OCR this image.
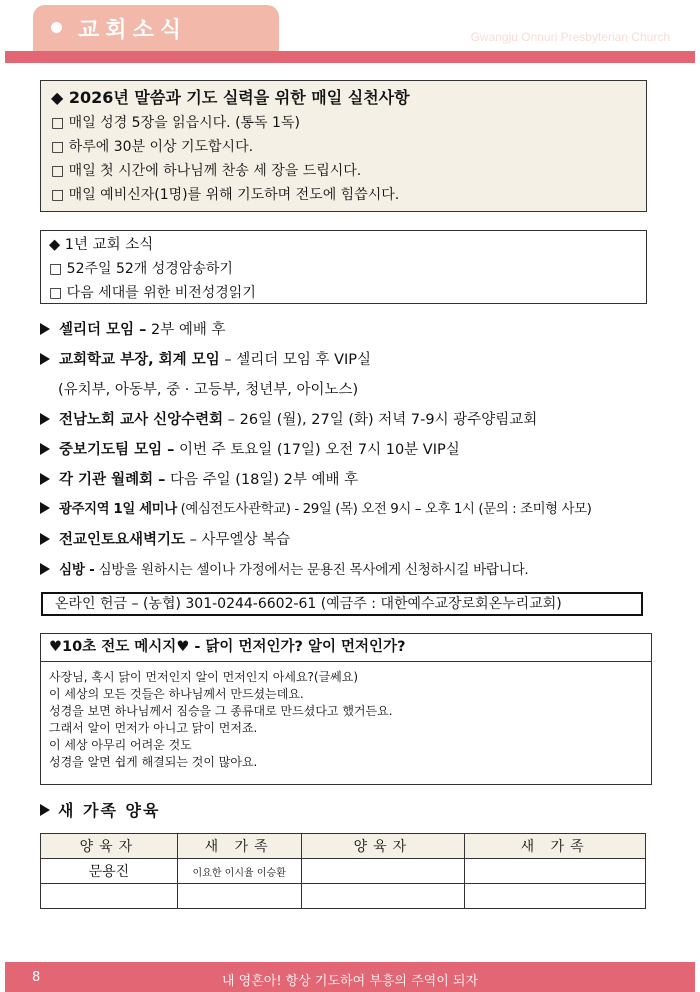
교회소식	Gwangju Onnuri Presbyterian Church
◆ 2026년 말씀과 기도 실력을 위한 매일 실천사항
□ 매일 성경 5장을 읽읍시다. (통독 1독)
□ 하루에 30분 이상 기도합시다.
□ 매일 첫 시간에 하나님께 찬송 세 장을 드립시다.
□ 매일 예비신자(1명)를 위해 기도하며 전도에 힘씁시다.
◆ 1년 교회 소식
□ 52주일 52개 성경암송하기
□ 다음 세대를 위한 비전성경읽기
셀리더 모임 – 2부 예배 후
교회학교 부장, 회계 모임 – 셀리더 모임 후 VIP실
(유치부, 아동부, 중 · 고등부, 청년부, 아이노스)
전남노회 교사 신앙수련회 – 26일 (월), 27일 (화) 저녁 7-9시 광주양림교회
중보기도팀 모임 – 이번 주 토요일 (17일) 오전 7시 10분 VIP실
각 기관 월례회 – 다음 주일 (18일) 2부 예배 후
광주지역 1일 세미나 (예심전도사관학교) - 29일 (목) 오전 9시 – 오후 1시 (문의 : 조미형 사모)
전교인토요새벽기도 – 사무엘상 복습
심방 - 심방을 원하시는 셀이나 가정에서는 문용진 목사에게 신청하시길 바랍니다.
온라인 헌금 – (농협) 301-0244-6602-61 (예금주 : 대한예수교장로회온누리교회)
♥10초 전도 메시지♥ - 닭이 먼저인가? 알이 먼저인가?
사장님, 혹시 닭이 먼저인지 알이 먼저인지 아세요?(글쎄요)
이 세상의 모든 것들은 하나님께서 만드셨는데요.
성경을 보면 하나님께서 짐승을 그 종류대로 만드셨다고 했거든요.
그래서 알이 먼저가 아니고 닭이 먼저죠.
이 세상 아무리 어려운 것도
성경을 알면 쉽게 해결되는 것이 많아요.
새 가족 양육
양육자	새 가족	양육자	새 가족
문용진	이요한 이시율 이승환		

8	내 영혼아! 항상 기도하여 부흥의 주역이 되자
